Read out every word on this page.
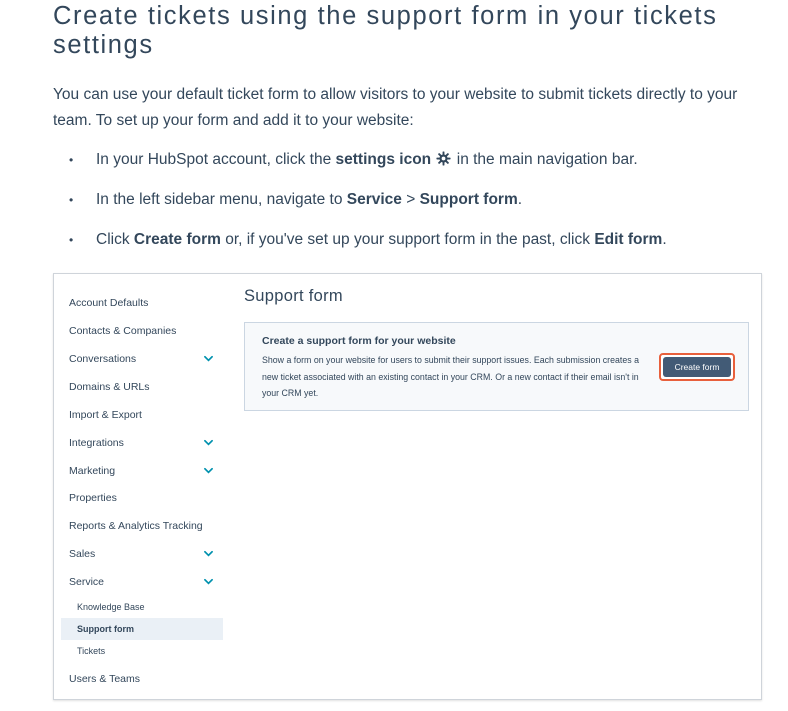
Create tickets using the support form in your tickets settings

You can use your default ticket form to allow visitors to your website to submit tickets directly to your team. To set up your form and add it to your website:

• In your HubSpot account, click the settings icon  in the main navigation bar.
• In the left sidebar menu, navigate to Service > Support form.
• Click Create form or, if you've set up your support form in the past, click Edit form.
Account Defaults
Contacts & Companies
Conversations
Domains & URLs
Import & Export
Integrations
Marketing
Properties
Reports & Analytics Tracking
Sales
Service
Knowledge Base
Support form
Tickets
Users & Teams
Support form
Create a support form for your website
Show a form on your website for users to submit their support issues. Each submission creates a new ticket associated with an existing contact in your CRM. Or a new contact if their email isn't in your CRM yet.
Create form
